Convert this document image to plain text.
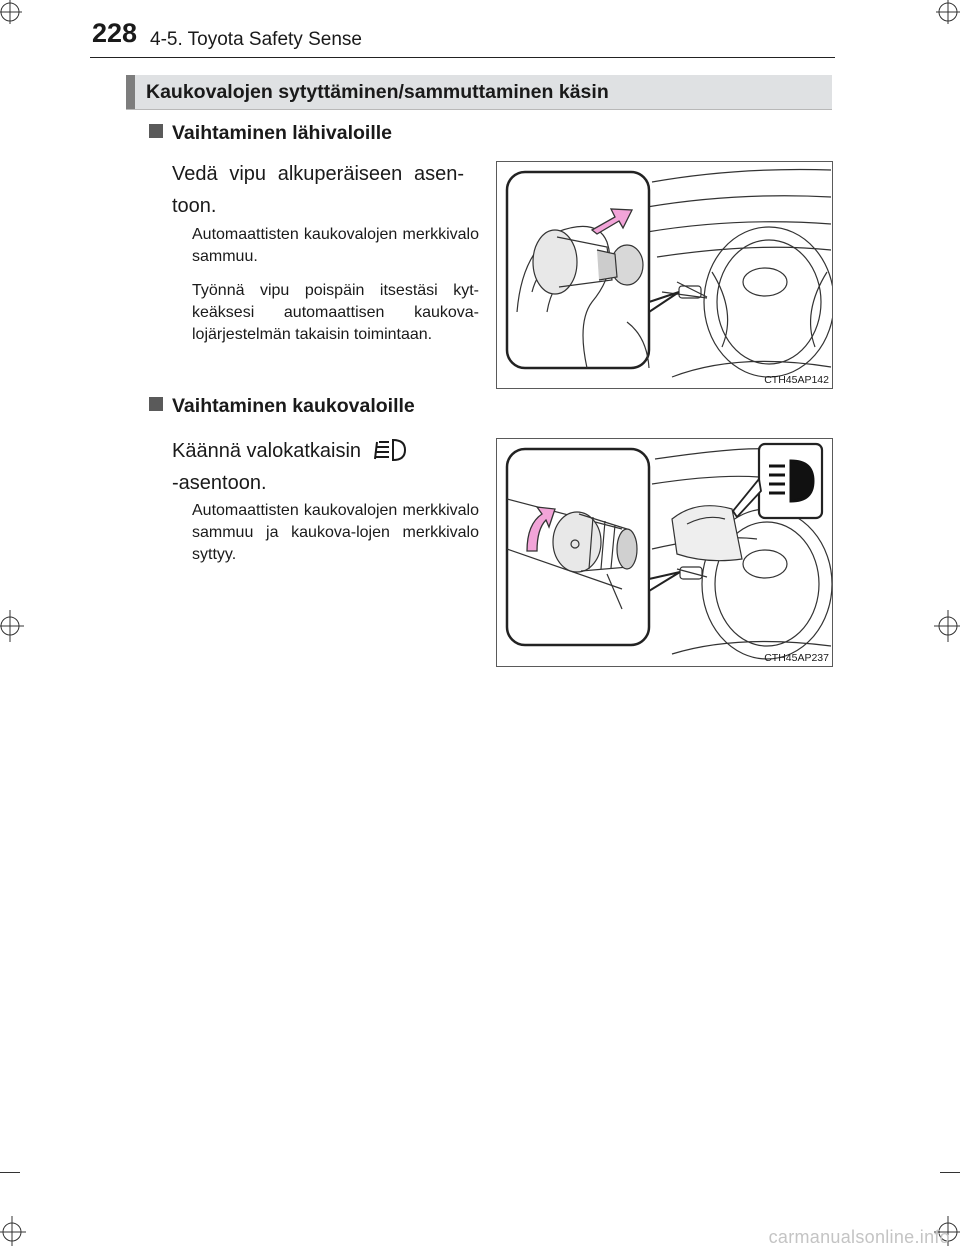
228 4-5. Toyota Safety Sense
Kaukovalojen sytyttäminen/sammuttaminen käsin
Vaihtaminen lähivaloille
Vedä vipu alkuperäiseen asen-toon.
Automaattisten kaukovalojen merkkivalo sammuu.
Työnnä vipu poispäin itsestäsi kyt-keäksesi automaattisen kaukova-lojärjestelmän takaisin toimintaan.
CTH45AP142
Vaihtaminen kaukovaloille
Käännä valokatkaisin
-asentoon.
Automaattisten kaukovalojen merkkivalo sammuu ja kaukova-lojen merkkivalo syttyy.
CTH45AP237
carmanualsonline.info
